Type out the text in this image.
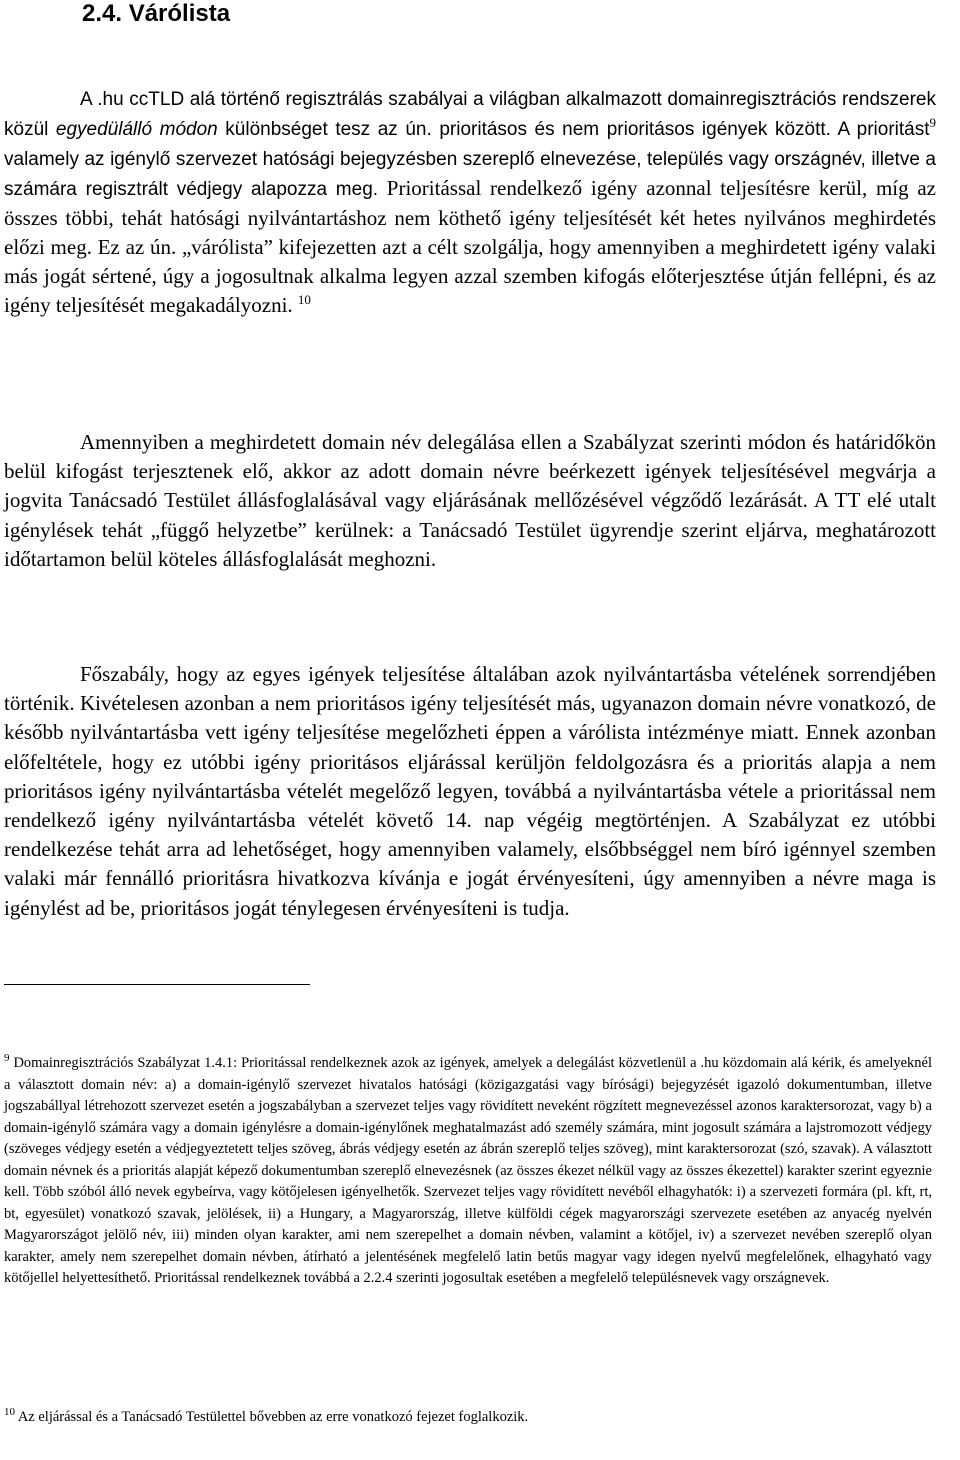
2.4. Várólista

A .hu ccTLD alá történő regisztrálás szabályai a világban alkalmazott domainregisztrációs rendszerek közül egyedülálló módon különbséget tesz az ún. prioritásos és nem prioritásos igények között. A prioritást$^9$ valamely az igénylő szervezet hatósági bejegyzésben szereplő elnevezése, település vagy országnév, illetve a számára regisztrált védjegy alapozza meg. Prioritással rendelkező igény azonnal teljesítésre kerül, míg az összes többi, tehát hatósági nyilvántartáshoz nem köthető igény teljesítését két hetes nyilvános meghirdetés előzi meg. Ez az ún. „várólista” kifejezetten azt a célt szolgálja, hogy amennyiben a meghirdetett igény valaki más jogát sértené, úgy a jogosultnak alkalma legyen azzal szemben kifogás előterjesztése útján fellépni, és az igény teljesítését megakadályozni. $^{10}$

Amennyiben a meghirdetett domain név delegálása ellen a Szabályzat szerinti módon és határidőkön belül kifogást terjesztenek elő, akkor az adott domain névre beérkezett igények teljesítésével megvárja a jogvita Tanácsadó Testület állásfoglalásával vagy eljárásának mellőzésével végződő lezárását. A TT elé utalt igénylések tehát „függő helyzetbe” kerülnek: a Tanácsadó Testület ügyrendje szerint eljárva, meghatározott időtartamon belül köteles állásfoglalását meghozni.

Főszabály, hogy az egyes igények teljesítése általában azok nyilvántartásba vételének sorrendjében történik. Kivételesen azonban a nem prioritásos igény teljesítését más, ugyanazon domain névre vonatkozó, de később nyilvántartásba vett igény teljesítése megelőzheti éppen a várólista intézménye miatt. Ennek azonban előfeltétele, hogy ez utóbbi igény prioritásos eljárással kerüljön feldolgozásra és a prioritás alapja a nem prioritásos igény nyilvántartásba vételét megelőző legyen, továbbá a nyilvántartásba vétele a prioritással nem rendelkező igény nyilvántartásba vételét követő 14. nap végéig megtörténjen. A Szabályzat ez utóbbi rendelkezése tehát arra ad lehetőséget, hogy amennyiben valamely, elsőbbséggel nem bíró igénnyel szemben valaki már fennálló prioritásra hivatkozva kívánja e jogát érvényesíteni, úgy amennyiben a névre maga is igénylést ad be, prioritásos jogát ténylegesen érvényesíteni is tudja.

$^9$ Domainregisztrációs Szabályzat 1.4.1: Prioritással rendelkeznek azok az igények, amelyek a delegálást közvetlenül a .hu közdomain alá kérik, és amelyeknél a választott domain név: a) a domain-igénylő szervezet hivatalos hatósági (közigazgatási vagy bírósági) bejegyzését igazoló dokumentumban, illetve jogszabállyal létrehozott szervezet esetén a jogszabályban a szervezet teljes vagy rövidített neveként rögzített megnevezéssel azonos karaktersorozat, vagy b) a domain-igénylő számára vagy a domain igénylésre a domain-igénylőnek meghatalmazást adó személy számára, mint jogosult számára a lajstromozott védjegy (szöveges védjegy esetén a védjegyeztetett teljes szöveg, ábrás védjegy esetén az ábrán szereplő teljes szöveg), mint karaktersorozat (szó, szavak). A választott domain névnek és a prioritás alapját képező dokumentumban szereplő elnevezésnek (az összes ékezet nélkül vagy az összes ékezettel) karakter szerint egyeznie kell. Több szóból álló nevek egybeírva, vagy kötőjelesen igényelhetők. Szervezet teljes vagy rövidített nevéből elhagyhatók: i) a szervezeti formára (pl. kft, rt, bt, egyesület) vonatkozó szavak, jelölések, ii) a Hungary, a Magyarország, illetve külföldi cégek magyarországi szervezete esetében az anyacég nyelvén Magyarországot jelölő név, iii) minden olyan karakter, ami nem szerepelhet a domain névben, valamint a kötőjel, iv) a szervezet nevében szereplő olyan karakter, amely nem szerepelhet domain névben, átírható a jelentésének megfelelő latin betűs magyar vagy idegen nyelvű megfelelőnek, elhagyható vagy kötőjellel helyettesíthető. Prioritással rendelkeznek továbbá a 2.2.4 szerinti jogosultak esetében a megfelelő településnevek vagy országnevek.

$^{10}$ Az eljárással és a Tanácsadó Testülettel bővebben az erre vonatkozó fejezet foglalkozik.
